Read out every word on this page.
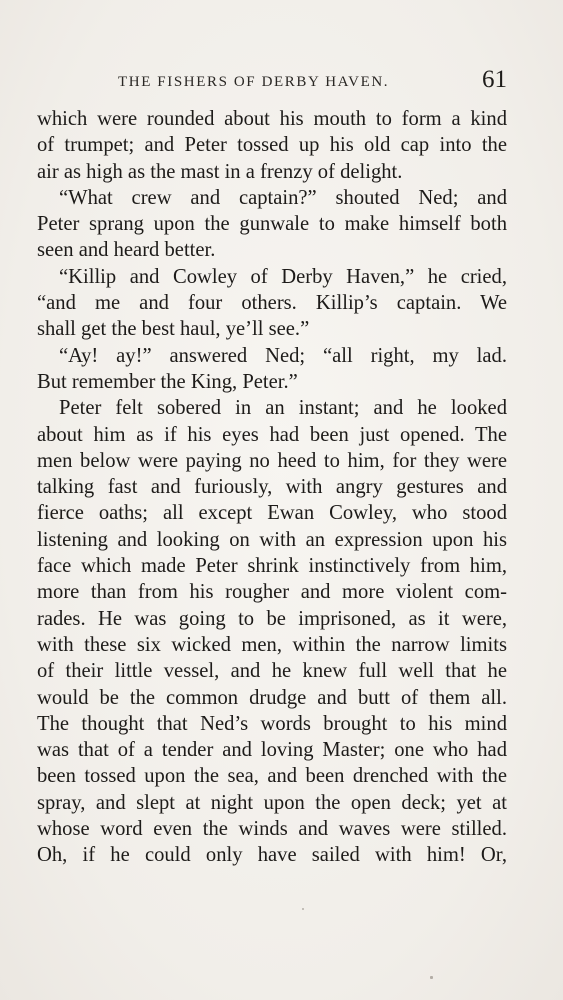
THE FISHERS OF DERBY HAVEN.	61
which were rounded about his mouth to form a kind
of trumpet; and Peter tossed up his old cap into the
air as high as the mast in a frenzy of delight.
“What crew and captain?” shouted Ned; and
Peter sprang upon the gunwale to make himself both
seen and heard better.
“Killip and Cowley of Derby Haven,” he cried,
“and me and four others. Killip’s captain. We
shall get the best haul, ye’ll see.”
“Ay! ay!” answered Ned; “all right, my lad.
But remember the King, Peter.”
Peter felt sobered in an instant; and he looked
about him as if his eyes had been just opened. The
men below were paying no heed to him, for they were
talking fast and furiously, with angry gestures and
fierce oaths; all except Ewan Cowley, who stood
listening and looking on with an expression upon his
face which made Peter shrink instinctively from him,
more than from his rougher and more violent com-
rades. He was going to be imprisoned, as it were,
with these six wicked men, within the narrow limits
of their little vessel, and he knew full well that he
would be the common drudge and butt of them all.
The thought that Ned’s words brought to his mind
was that of a tender and loving Master; one who had
been tossed upon the sea, and been drenched with the
spray, and slept at night upon the open deck; yet at
whose word even the winds and waves were stilled.
Oh, if he could only have sailed with him! Or,
